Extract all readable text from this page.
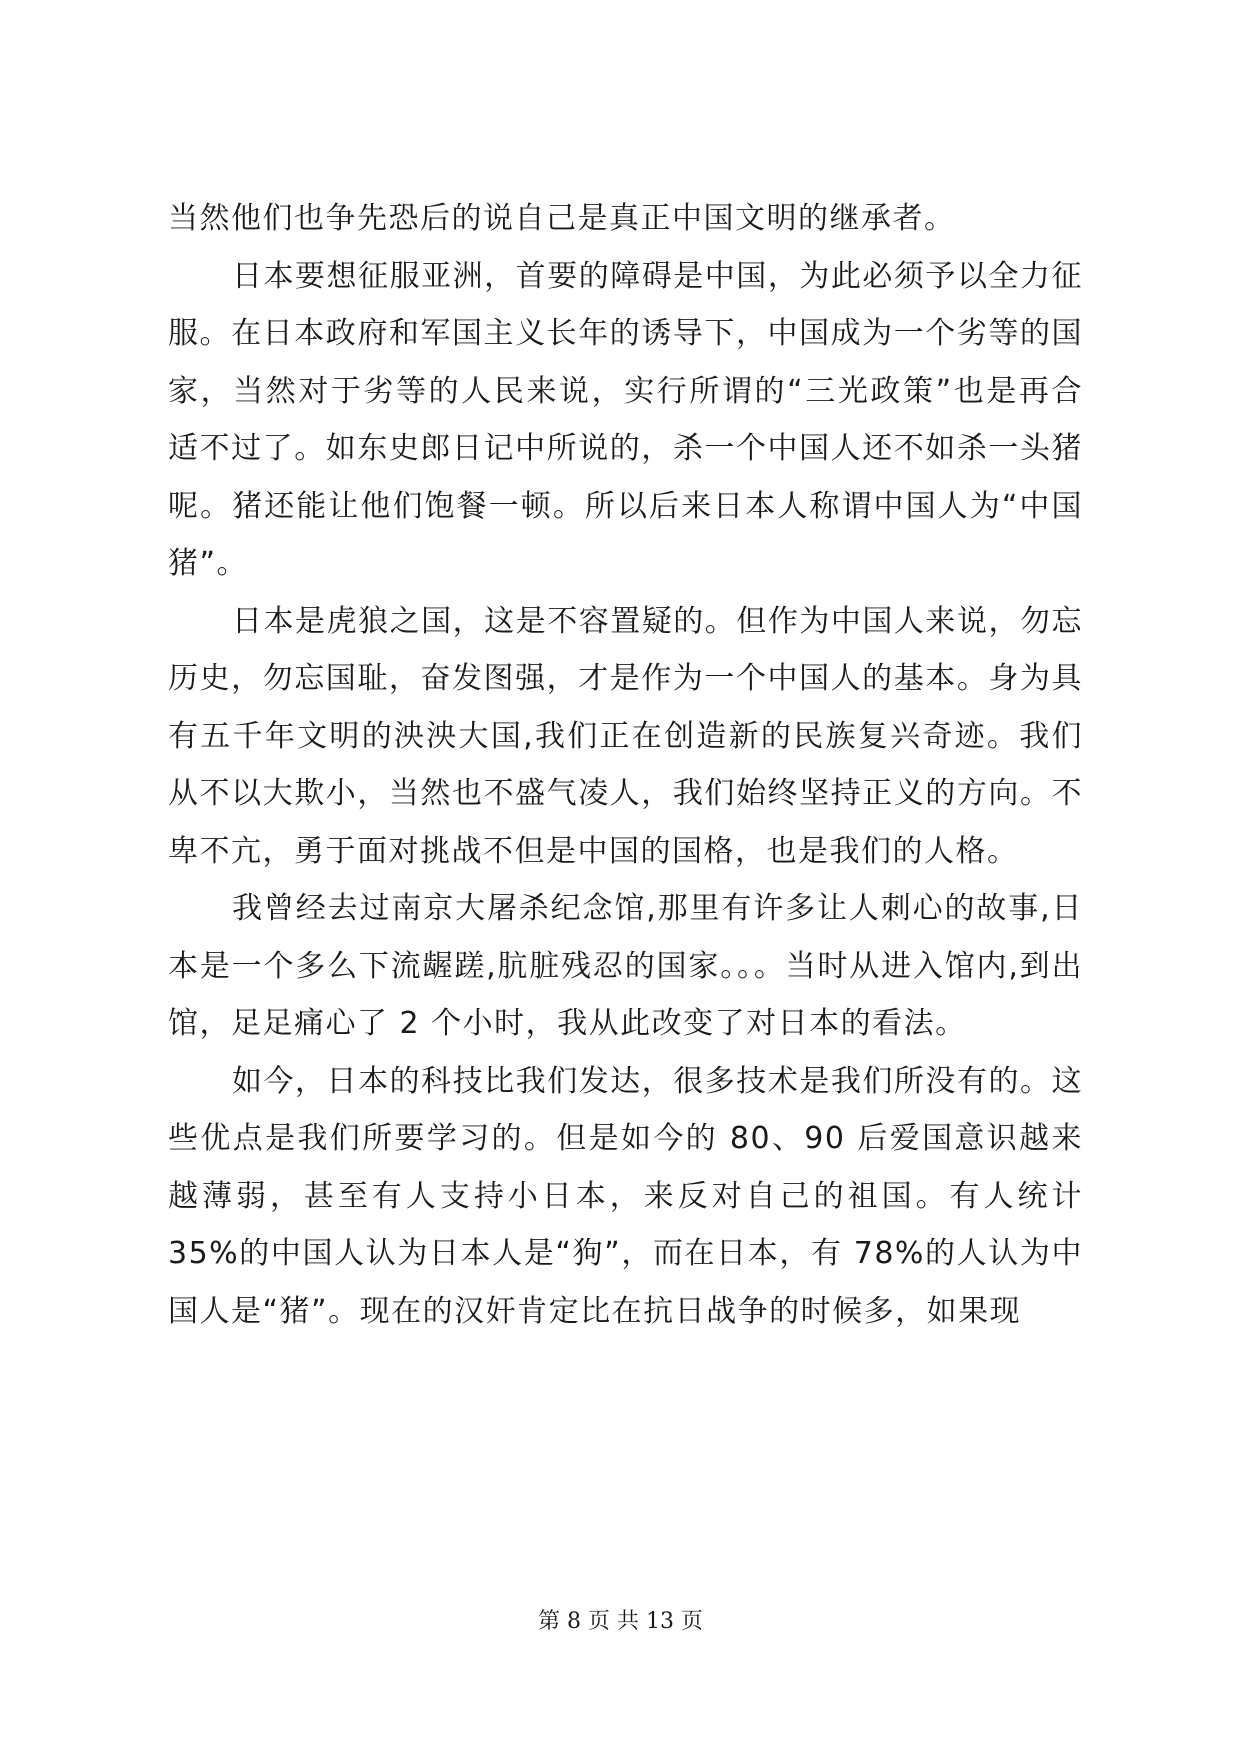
当然他们也争先恐后的说自己是真正中国文明的继承者。

日本要想征服亚洲，首要的障碍是中国，为此必须予以全力征服。在日本政府和军国主义长年的诱导下，中国成为一个劣等的国家，当然对于劣等的人民来说，实行所谓的“三光政策”也是再合适不过了。如东史郎日记中所说的，杀一个中国人还不如杀一头猪呢。猪还能让他们饱餐一顿。所以后来日本人称谓中国人为“中国猪”。

日本是虎狼之国，这是不容置疑的。但作为中国人来说，勿忘历史，勿忘国耻，奋发图强，才是作为一个中国人的基本。身为具有五千年文明的泱泱大国,我们正在创造新的民族复兴奇迹。我们从不以大欺小，当然也不盛气凌人，我们始终坚持正义的方向。不卑不亢，勇于面对挑战不但是中国的国格，也是我们的人格。

我曾经去过南京大屠杀纪念馆,那里有许多让人刺心的故事,日本是一个多么下流龌蹉,肮脏残忍的国家。。。当时从进入馆内,到出馆，足足痛心了 2 个小时，我从此改变了对日本的看法。

如今，日本的科技比我们发达，很多技术是我们所没有的。这些优点是我们所要学习的。但是如今的 80、90 后爱国意识越来越薄弱，甚至有人支持小日本，来反对自己的祖国。有人统计 35%的中国人认为日本人是“狗”，而在日本，有 78%的人认为中国人是“猪”。现在的汉奸肯定比在抗日战争的时候多，如果现

第 8 页 共 13 页
